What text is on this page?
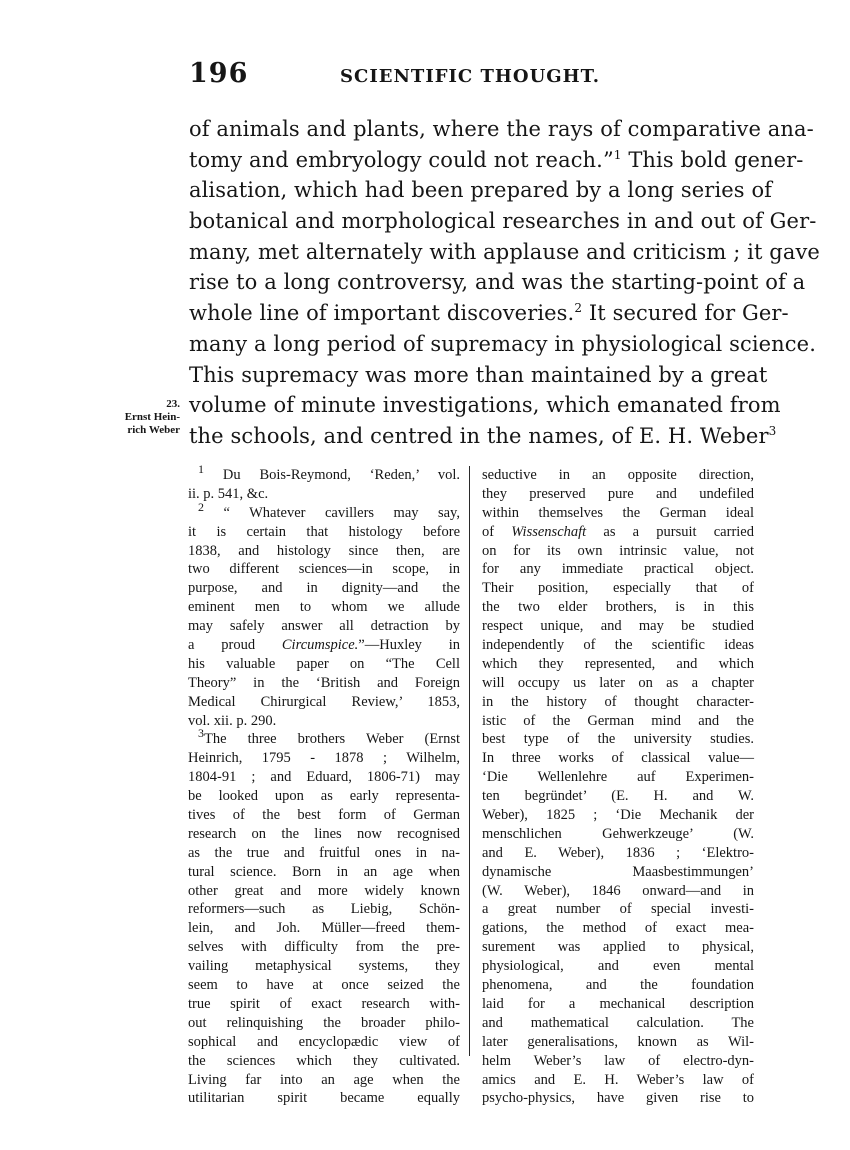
196	SCIENTIFIC THOUGHT.
23.
Ernst Hein-
rich Weber
of animals and plants, where the rays of comparative ana-
tomy and embryology could not reach.”$^1$ This bold gener-
alisation, which had been prepared by a long series of
botanical and morphological researches in and out of Ger-
many, met alternately with applause and criticism ; it gave
rise to a long controversy, and was the starting-point of a
whole line of important discoveries.$^2$ It secured for Ger-
many a long period of supremacy in physiological science.
This supremacy was more than maintained by a great
volume of minute investigations, which emanated from
the schools, and centred in the names, of E. H. Weber$^3$
$^1$ Du Bois-Reymond, ‘Reden,’ vol.
ii. p. 541, &c.
$^2$ “ Whatever cavillers may say,
it is certain that histology before
1838, and histology since then, are
two different sciences—in scope, in
purpose, and in dignity—and the
eminent men to whom we allude
may safely answer all detraction by
a proud Circumspice.”—Huxley in
his valuable paper on “The Cell
Theory” in the ‘British and Foreign
Medical Chirurgical Review,’ 1853,
vol. xii. p. 290.
$^3$The three brothers Weber (Ernst
Heinrich, 1795 - 1878 ; Wilhelm,
1804-91 ; and Eduard, 1806-71) may
be looked upon as early representa-
tives of the best form of German
research on the lines now recognised
as the true and fruitful ones in na-
tural science. Born in an age when
other great and more widely known
reformers—such as Liebig, Schön-
lein, and Joh. Müller—freed them-
selves with difficulty from the pre-
vailing metaphysical systems, they
seem to have at once seized the
true spirit of exact research with-
out relinquishing the broader philo-
sophical and encyclopædic view of
the sciences which they cultivated.
Living far into an age when the
utilitarian spirit became equally
seductive in an opposite direction,
they preserved pure and undefiled
within themselves the German ideal
of Wissenschaft as a pursuit carried
on for its own intrinsic value, not
for any immediate practical object.
Their position, especially that of
the two elder brothers, is in this
respect unique, and may be studied
independently of the scientific ideas
which they represented, and which
will occupy us later on as a chapter
in the history of thought character-
istic of the German mind and the
best type of the university studies.
In three works of classical value—
‘Die Wellenlehre auf Experimen-
ten begründet’ (E. H. and W.
Weber), 1825 ; ‘Die Mechanik der
menschlichen Gehwerkzeuge’ (W.
and E. Weber), 1836 ; ‘Elektro-
dynamische Maasbestimmungen’
(W. Weber), 1846 onward—and in
a great number of special investi-
gations, the method of exact mea-
surement was applied to physical,
physiological, and even mental
phenomena, and the foundation
laid for a mechanical description
and mathematical calculation. The
later generalisations, known as Wil-
helm Weber’s law of electro-dyn-
amics and E. H. Weber’s law of
psycho-physics, have given rise to
